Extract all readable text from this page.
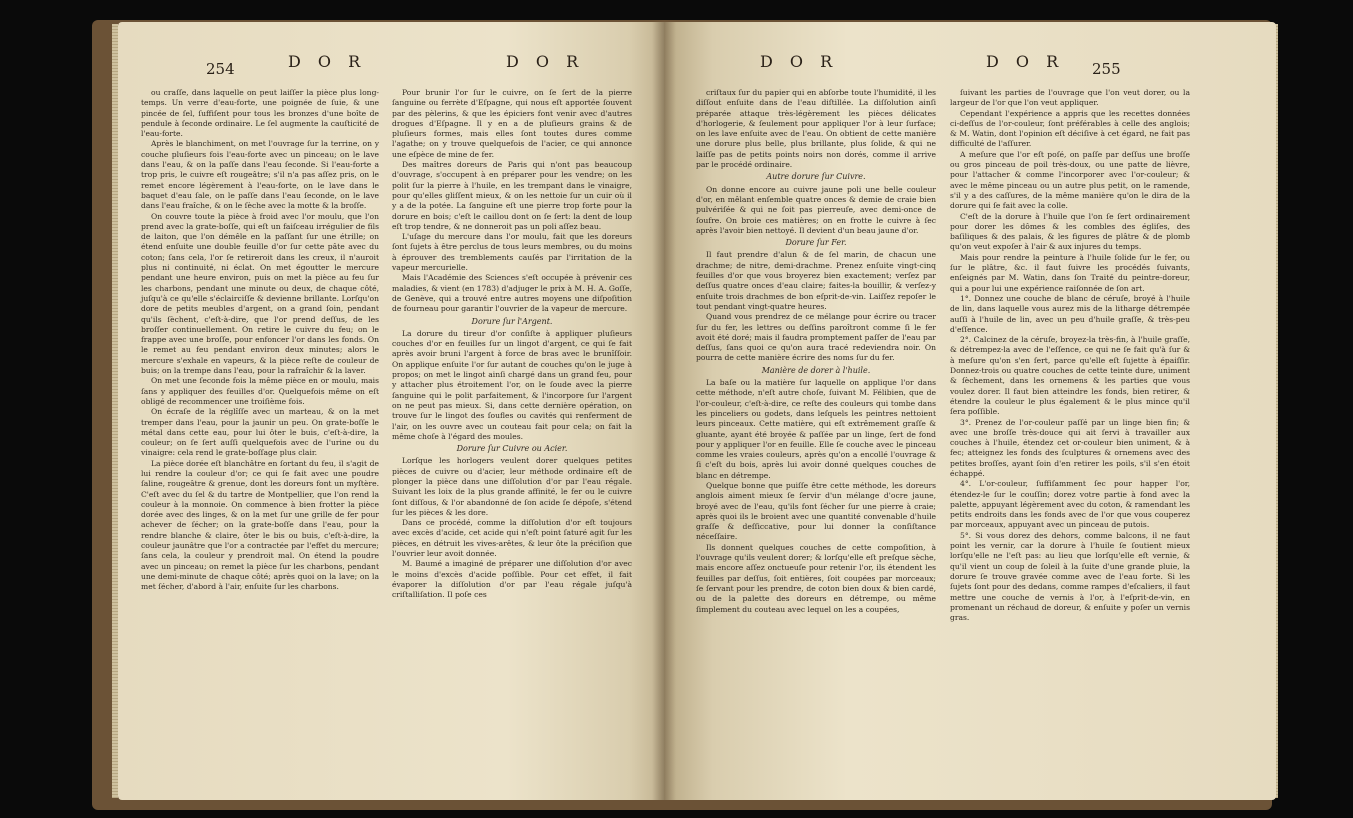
254	D O R	D O R	D O R	D O R 255

ou craſſe, dans laquelle on peut laiſſer la pièce plus long-temps. Un verre d'eau-forte, une poignée de ſuie, & une pincée de ſel, ſuffiſent pour tous les bronzes d'une boîte de pendule à ſeconde ordinaire. Le ſel augmente la cauſticité de l'eau-forte.

Après le blanchiment, on met l'ouvrage ſur la terrine, on y couche pluſieurs fois l'eau-forte avec un pinceau; on le lave dans l'eau, & on la paſſe dans l'eau ſeconde. Si l'eau-forte a trop pris, le cuivre eſt rougeâtre; s'il n'a pas aſſez pris, on le remet encore légèrement à l'eau-forte, on le lave dans le baquet d'eau ſale, on le paſſe dans l'eau ſeconde, on le lave dans l'eau fraîche, & on le ſèche avec la motte & la broſſe.

On couvre toute la pièce à froid avec l'or moulu, que l'on prend avec la grate-boſſe, qui eſt un faiſceau irrégulier de fils de laiton, que l'on démêle en la paſſant ſur une étrille; on étend enſuite une double feuille d'or ſur cette pâte avec du coton; ſans cela, l'or ſe retireroit dans les creux, il n'auroit plus ni continuité, ni éclat. On met égoutter le mercure pendant une heure environ, puis on met la pièce au feu ſur les charbons, pendant une minute ou deux, de chaque côté, juſqu'à ce qu'elle s'éclairciſſe & devienne brillante. Lorſqu'on dore de petits meubles d'argent, on a grand ſoin, pendant qu'ils ſèchent, c'eſt-à-dire, que l'or prend deſſus, de les broſſer continuellement. On retire le cuivre du feu; on le frappe avec une broſſe, pour enfoncer l'or dans les fonds. On le remet au feu pendant environ deux minutes; alors le mercure s'exhale en vapeurs, & la pièce reſte de couleur de buis; on la trempe dans l'eau, pour la rafraîchir & la laver.

On met une ſeconde fois la même pièce en or moulu, mais ſans y appliquer des feuilles d'or. Quelquefois même on eſt obligé de recommencer une troiſième fois.

On écraſe de la réglîſſe avec un marteau, & on la met tremper dans l'eau, pour la jaunir un peu. On grate-boſſe le métal dans cette eau, pour lui ôter le buis, c'eſt-à-dire, la couleur; on ſe ſert auſſi quelquefois avec de l'urine ou du vinaigre: cela rend le grate-boſſage plus clair.

La pièce dorée eſt blanchâtre en ſortant du feu, il s'agit de lui rendre la couleur d'or; ce qui ſe fait avec une poudre ſaline, rougeâtre & grenue, dont les doreurs font un myſtère. C'eſt avec du ſel & du tartre de Montpellier, que l'on rend la couleur à la monnoie. On commence à bien frotter la pièce dorée avec des linges, & on la met ſur une grille de fer pour achever de ſécher; on la grate-boſſe dans l'eau, pour la rendre blanche & claire, ôter le bis ou buis, c'eſt-à-dire, la couleur jaunâtre que l'or a contractée par l'effet du mercure; ſans cela, la couleur y prendroit mal. On étend la poudre avec un pinceau; on remet la pièce ſur les charbons, pendant une demi-minute de chaque côté; après quoi on la lave; on la met ſécher, d'abord à l'air, enſuite ſur les charbons.

Pour brunir l'or ſur le cuivre, on ſe ſert de la pierre ſanguine ou ferrète d'Eſpagne, qui nous eſt apportée ſouvent par des pèlerins, & que les épiciers font venir avec d'autres drogues d'Eſpagne. Il y en a de pluſieurs grains & de pluſieurs formes, mais elles ſont toutes dures comme l'agathe; on y trouve quelquefois de l'acier, ce qui annonce une eſpèce de mine de fer.

Des maîtres doreurs de Paris qui n'ont pas beaucoup d'ouvrage, s'occupent à en préparer pour les vendre; on les polit ſur la pierre à l'huile, en les trempant dans le vinaigre, pour qu'elles gliſſent mieux, & on les nettoie ſur un cuir où il y a de la potée. La ſanguine eſt une pierre trop forte pour la dorure en bois; c'eſt le caillou dont on ſe ſert: la dent de loup eſt trop tendre, & ne donneroit pas un poli aſſez beau.

L'uſage du mercure dans l'or moulu, fait que les doreurs ſont ſujets à être perclus de tous leurs membres, ou du moins à éprouver des tremblements cauſés par l'irritation de la vapeur mercurielle.

Mais l'Académie des Sciences s'eſt occupée à prévenir ces maladies, & vient (en 1783) d'adjuger le prix à M. H. A. Goſſe, de Genève, qui a trouvé entre autres moyens une diſpoſition de fourneau pour garantir l'ouvrier de la vapeur de mercure.

Dorure ſur l'Argent.

La dorure du tireur d'or conſiſte à appliquer pluſieurs couches d'or en feuilles ſur un lingot d'argent, ce qui ſe fait après avoir bruni l'argent à force de bras avec le brunîſſoir. On applique enſuite l'or ſur autant de couches qu'on le juge à propos; on met le lingot ainſi chargé dans un grand feu, pour y attacher plus étroitement l'or, on le ſoude avec la pierre ſanguine qui le polit parfaitement, & l'incorpore ſur l'argent on ne peut pas mieux. Si, dans cette dernière opération, on trouve ſur le lingot des ſoufles ou cavités qui renferment de l'air, on les ouvre avec un couteau fait pour cela; on fait la même choſe à l'égard des moules.

Dorure ſur Cuivre ou Acier.

Lorſque les horlogers veulent dorer quelques petites pièces de cuivre ou d'acier, leur méthode ordinaire eſt de plonger la pièce dans une diſſolution d'or par l'eau régale. Suivant les loix de la plus grande affinité, le fer ou le cuivre ſont diſſous, & l'or abandonné de ſon acide ſe dépoſe, s'étend ſur les pièces & les dore.

Dans ce procédé, comme la diſſolution d'or eſt toujours avec excès d'acide, cet acide qui n'eſt point ſaturé agit ſur les pièces, en détruit les vives-arêtes, & leur ôte la préciſion que l'ouvrier leur avoit donnée.

M. Baumé a imaginé de préparer une diſſolution d'or avec le moins d'excès d'acide poſſible. Pour cet effet, il fait évaporer la diſſolution d'or par l'eau régale juſqu'à criſtalliſation. Il poſe ces

criſtaux ſur du papier qui en abſorbe toute l'humidité, il les diſſout enſuite dans de l'eau diſtillée. La diſſolution ainſi préparée attaque très-légèrement les pièces délicates d'horlogerie, & ſeulement pour appliquer l'or à leur ſurface; on les lave enſuite avec de l'eau. On obtient de cette manière une dorure plus belle, plus brillante, plus ſolide, & qui ne laiſſe pas de petits points noirs non dorés, comme il arrive par le procédé ordinaire.

Autre dorure ſur Cuivre.

On donne encore au cuivre jaune poli une belle couleur d'or, en mêlant enſemble quatre onces & demie de craie bien pulvériſée & qui ne ſoit pas pierreuſe, avec demi-once de ſoufre. On broie ces matières; on en frotte le cuivre à ſec après l'avoir bien nettoyé. Il devient d'un beau jaune d'or.

Dorure ſur Fer.

Il faut prendre d'alun & de ſel marin, de chacun une drachme; de nitre, demi-drachme. Prenez enſuite vingt-cinq feuilles d'or que vous broyerez bien exactement; verſez par deſſus quatre onces d'eau claire; faites-la bouillir, & verſez-y enſuite trois drachmes de bon eſprit-de-vin. Laiſſez repoſer le tout pendant vingt-quatre heures.

Quand vous prendrez de ce mélange pour écrire ou tracer ſur du fer, les lettres ou deſſins paroîtront comme ſi le fer avoit été doré; mais il faudra promptement paſſer de l'eau par deſſus, ſans quoi ce qu'on aura tracé redeviendra noir. On pourra de cette manière écrire des noms ſur du fer.

Manière de dorer à l'huile.

La baſe ou la matière ſur laquelle on applique l'or dans cette méthode, n'eſt autre choſe, ſuivant M. Félibien, que de l'or-couleur, c'eſt-à-dire, ce reſte des couleurs qui tombe dans les pinceliers ou godets, dans leſquels les peintres nettoient leurs pinceaux. Cette matière, qui eſt extrêmement graſſe & gluante, ayant été broyée & paſſée par un linge, ſert de fond pour y appliquer l'or en feuille. Elle ſe couche avec le pinceau comme les vraies couleurs, après qu'on a encollé l'ouvrage & ſi c'eſt du bois, après lui avoir donné quelques couches de blanc en détrempe.

Quelque bonne que puiſſe être cette méthode, les doreurs anglois aiment mieux ſe ſervir d'un mélange d'ocre jaune, broyé avec de l'eau, qu'ils font ſécher ſur une pierre à craie; après quoi ils le broient avec une quantité convenable d'huile graſſe & deſſiccative, pour lui donner la conſiſtance néceſſaire.

Ils donnent quelques couches de cette compoſition, à l'ouvrage qu'ils veulent dorer; & lorſqu'elle eſt preſque sèche, mais encore aſſez onctueuſe pour retenir l'or, ils étendent les feuilles par deſſus, ſoit entières, ſoit coupées par morceaux; ſe ſervant pour les prendre, de coton bien doux & bien cardé, ou de la palette des doreurs en détrempe, ou même ſimplement du couteau avec lequel on les a coupées,

ſuivant les parties de l'ouvrage que l'on veut dorer, ou la largeur de l'or que l'on veut appliquer.

Cependant l'expérience a appris que les recettes données ci-deſſus de l'or-couleur, ſont préférables à celle des anglois; & M. Watin, dont l'opinion eſt déciſive à cet égard, ne fait pas difficulté de l'aſſurer.

A meſure que l'or eſt poſé, on paſſe par deſſus une broſſe ou gros pinceau de poil très-doux, ou une patte de lièvre, pour l'attacher & comme l'incorporer avec l'or-couleur; & avec le même pinceau ou un autre plus petit, on le ramende, s'il y a des caſſures, de la même manière qu'on le dira de la dorure qui ſe fait avec la colle.

C'eſt de la dorure à l'huile que l'on ſe ſert ordinairement pour dorer les dômes & les combles des égliſes, des baſiliques & des palais, & les figures de plâtre & de plomb qu'on veut expoſer à l'air & aux injures du temps.

Mais pour rendre la peinture à l'huile ſolide ſur le fer, ou ſur le plâtre, &c. il faut ſuivre les procédés ſuivants, enſeignés par M. Watin, dans ſon Traité du peintre-doreur, qui a pour lui une expérience raiſonnée de ſon art.

1°. Donnez une couche de blanc de céruſe, broyé à l'huile de lin, dans laquelle vous aurez mis de la litharge détrempée auſſi à l'huile de lin, avec un peu d'huile graſſe, & très-peu d'eſſence.

2°. Calcinez de la céruſe, broyez-la très-fin, à l'huile graſſe, & détrempez-la avec de l'eſſence, ce qui ne ſe fait qu'à ſur & à meſure qu'on s'en ſert, parce qu'elle eſt ſujette à épaiſſir. Donnez-trois ou quatre couches de cette teinte dure, uniment & ſèchement, dans les ornemens & les parties que vous voulez dorer. Il faut bien atteindre les fonds, bien retirer, & étendre la couleur le plus également & le plus mince qu'il ſera poſſible.

3°. Prenez de l'or-couleur paſſé par un linge bien fin; & avec une broſſe très-douce qui ait ſervi à travailler aux couches à l'huile, étendez cet or-couleur bien uniment, & à fec; atteignez les fonds des ſculptures & ornemens avec des petites broſſes, ayant ſoin d'en retirer les poils, s'il s'en étoit échappé.

4°. L'or-couleur, ſuffiſamment ſec pour happer l'or, étendez-le ſur le couſſin; dorez votre partie à fond avec la palette, appuyant légèrement avec du coton, & ramendant les petits endroits dans les fonds avec de l'or que vous couperez par morceaux, appuyant avec un pinceau de putois.

5°. Si vous dorez des dehors, comme balcons, il ne faut point les vernir, car la dorure à l'huile ſe ſoutient mieux lorſqu'elle ne l'eſt pas: au lieu que lorſqu'elle eſt vernie, & qu'il vient un coup de ſoleil à la ſuite d'une grande pluie, la dorure ſe trouve gravée comme avec de l'eau forte. Si les ſujets ſont pour des dedans, comme rampes d'eſcaliers, il faut mettre une couche de vernis à l'or, à l'eſprit-de-vin, en promenant un réchaud de doreur, & enſuite y poſer un vernis gras.
